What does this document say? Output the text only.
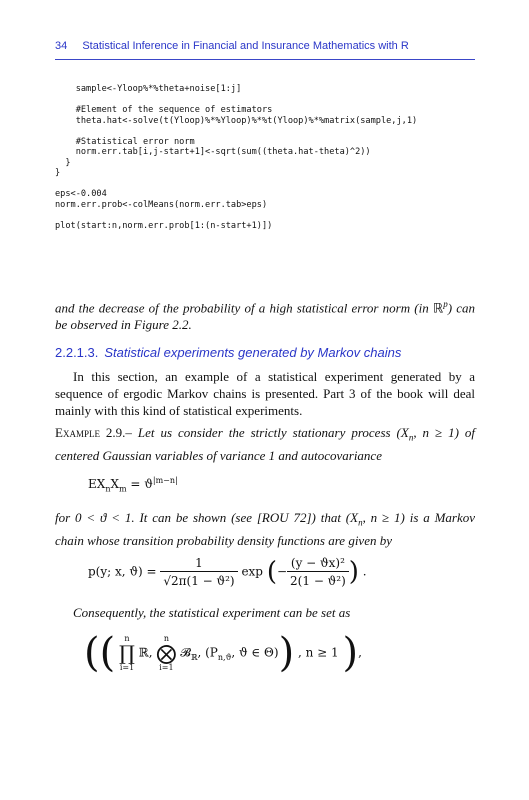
34 Statistical Inference in Financial and Insurance Mathematics with R
sample<-Yloop%*%theta+noise[1:j]

#Element of the sequence of estimators
theta.hat<-solve(t(Yloop)%*%Yloop)%*%t(Yloop)%*%matrix(sample,j,1)

#Statistical error norm
norm.err.tab[i,j-start+1]<-sqrt(sum((theta.hat-theta)^2))
}
}

eps<-0.004
norm.err.prob<-colMeans(norm.err.tab>eps)

plot(start:n,norm.err.prob[1:(n-start+1)])

and the decrease of the probability of a high statistical error norm (in ℝ$^p$) can be observed in Figure 2.2.
2.2.1.3. Statistical experiments generated by Markov chains
In this section, an example of a statistical experiment generated by a sequence of ergodic Markov chains is presented. Part 3 of the book will deal mainly with this kind of statistical experiments.
Example 2.9.– Let us consider the strictly stationary process ($X_n$, n ≥ 1) of centered Gaussian variables of variance 1 and autocovariance
$EX_nX_m = ϑ^{|m-n|}$
for 0 < ϑ < 1. It can be shown (see [ROU 72]) that ($X_n$, n ≥ 1) is a Markov chain whose transition probability density functions are given by
p(y; x, $ϑ) = \frac{1}{\text{√2π(1 − ϑ²)}}$ exp (− $\frac{\text{(y − ϑx)²}}{\text{2(1 − ϑ²)}}$ ) .
Consequently, the statistical experiment can be set as
((	n
∏
i=1
ℝ,
n
⨂
i=1
𝓑$_ℝ$, ($P_{n,ϑ}$, ϑ ∈ Θ)) , n ≥ 1 ),
